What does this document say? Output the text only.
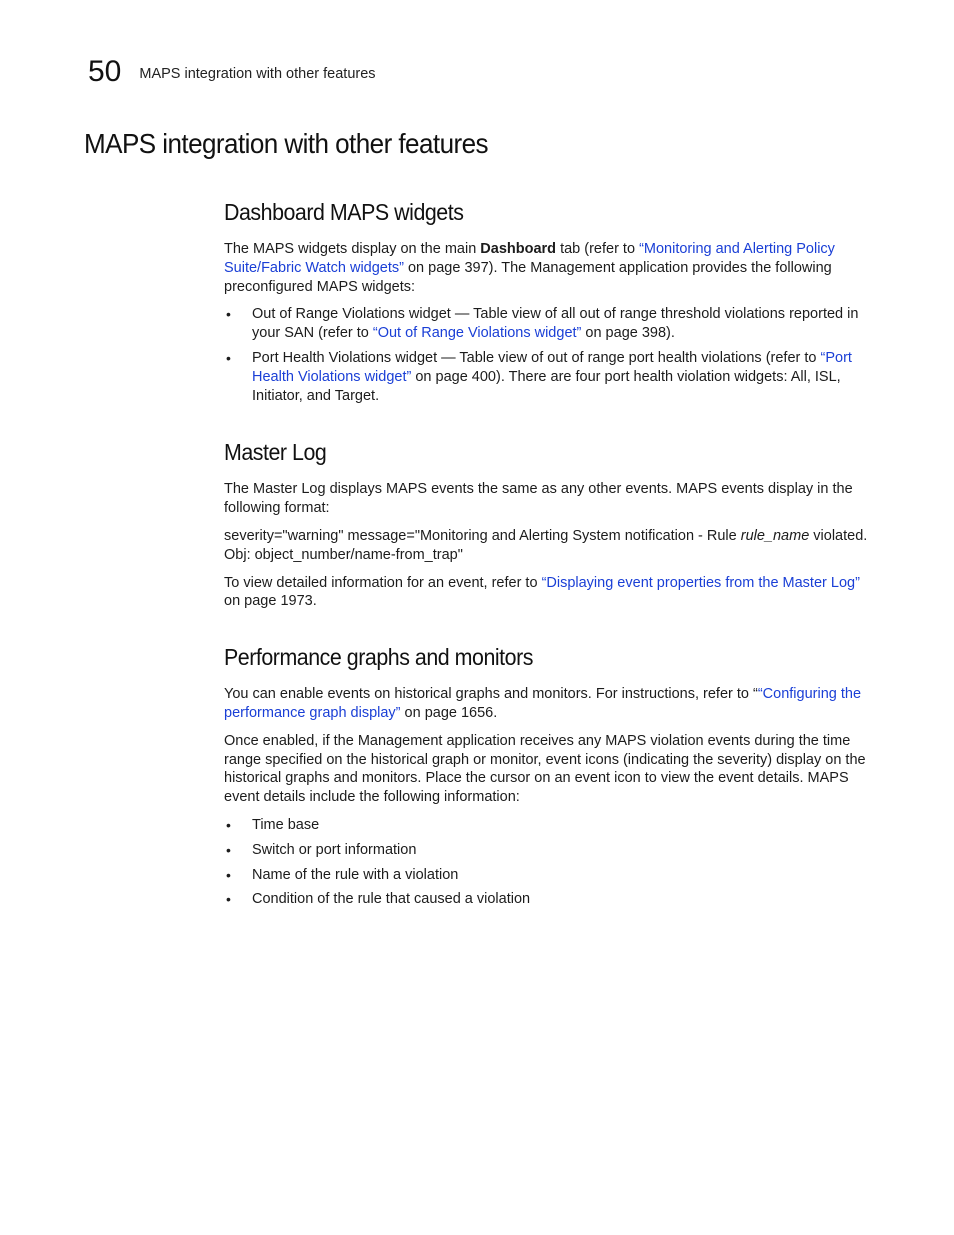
50 MAPS integration with other features
MAPS integration with other features
Dashboard MAPS widgets

The MAPS widgets display on the main Dashboard tab (refer to “Monitoring and Alerting Policy Suite/Fabric Watch widgets” on page 397). The Management application provides the following preconfigured MAPS widgets:

• Out of Range Violations widget — Table view of all out of range threshold violations reported in your SAN (refer to “Out of Range Violations widget” on page 398).
• Port Health Violations widget — Table view of out of range port health violations (refer to “Port Health Violations widget” on page 400). There are four port health violation widgets: All, ISL, Initiator, and Target.
Master Log

The Master Log displays MAPS events the same as any other events. MAPS events display in the following format:

severity="warning" message="Monitoring and Alerting System notification - Rule rule_name violated. Obj: object_number/name-from_trap"

To view detailed information for an event, refer to “Displaying event properties from the Master Log” on page 1973.

Performance graphs and monitors

You can enable events on historical graphs and monitors. For instructions, refer to ““Configuring the performance graph display” on page 1656.

Once enabled, if the Management application receives any MAPS violation events during the time range specified on the historical graph or monitor, event icons (indicating the severity) display on the historical graphs and monitors. Place the cursor on an event icon to view the event details. MAPS event details include the following information:

• Time base
• Switch or port information
• Name of the rule with a violation
• Condition of the rule that caused a violation
